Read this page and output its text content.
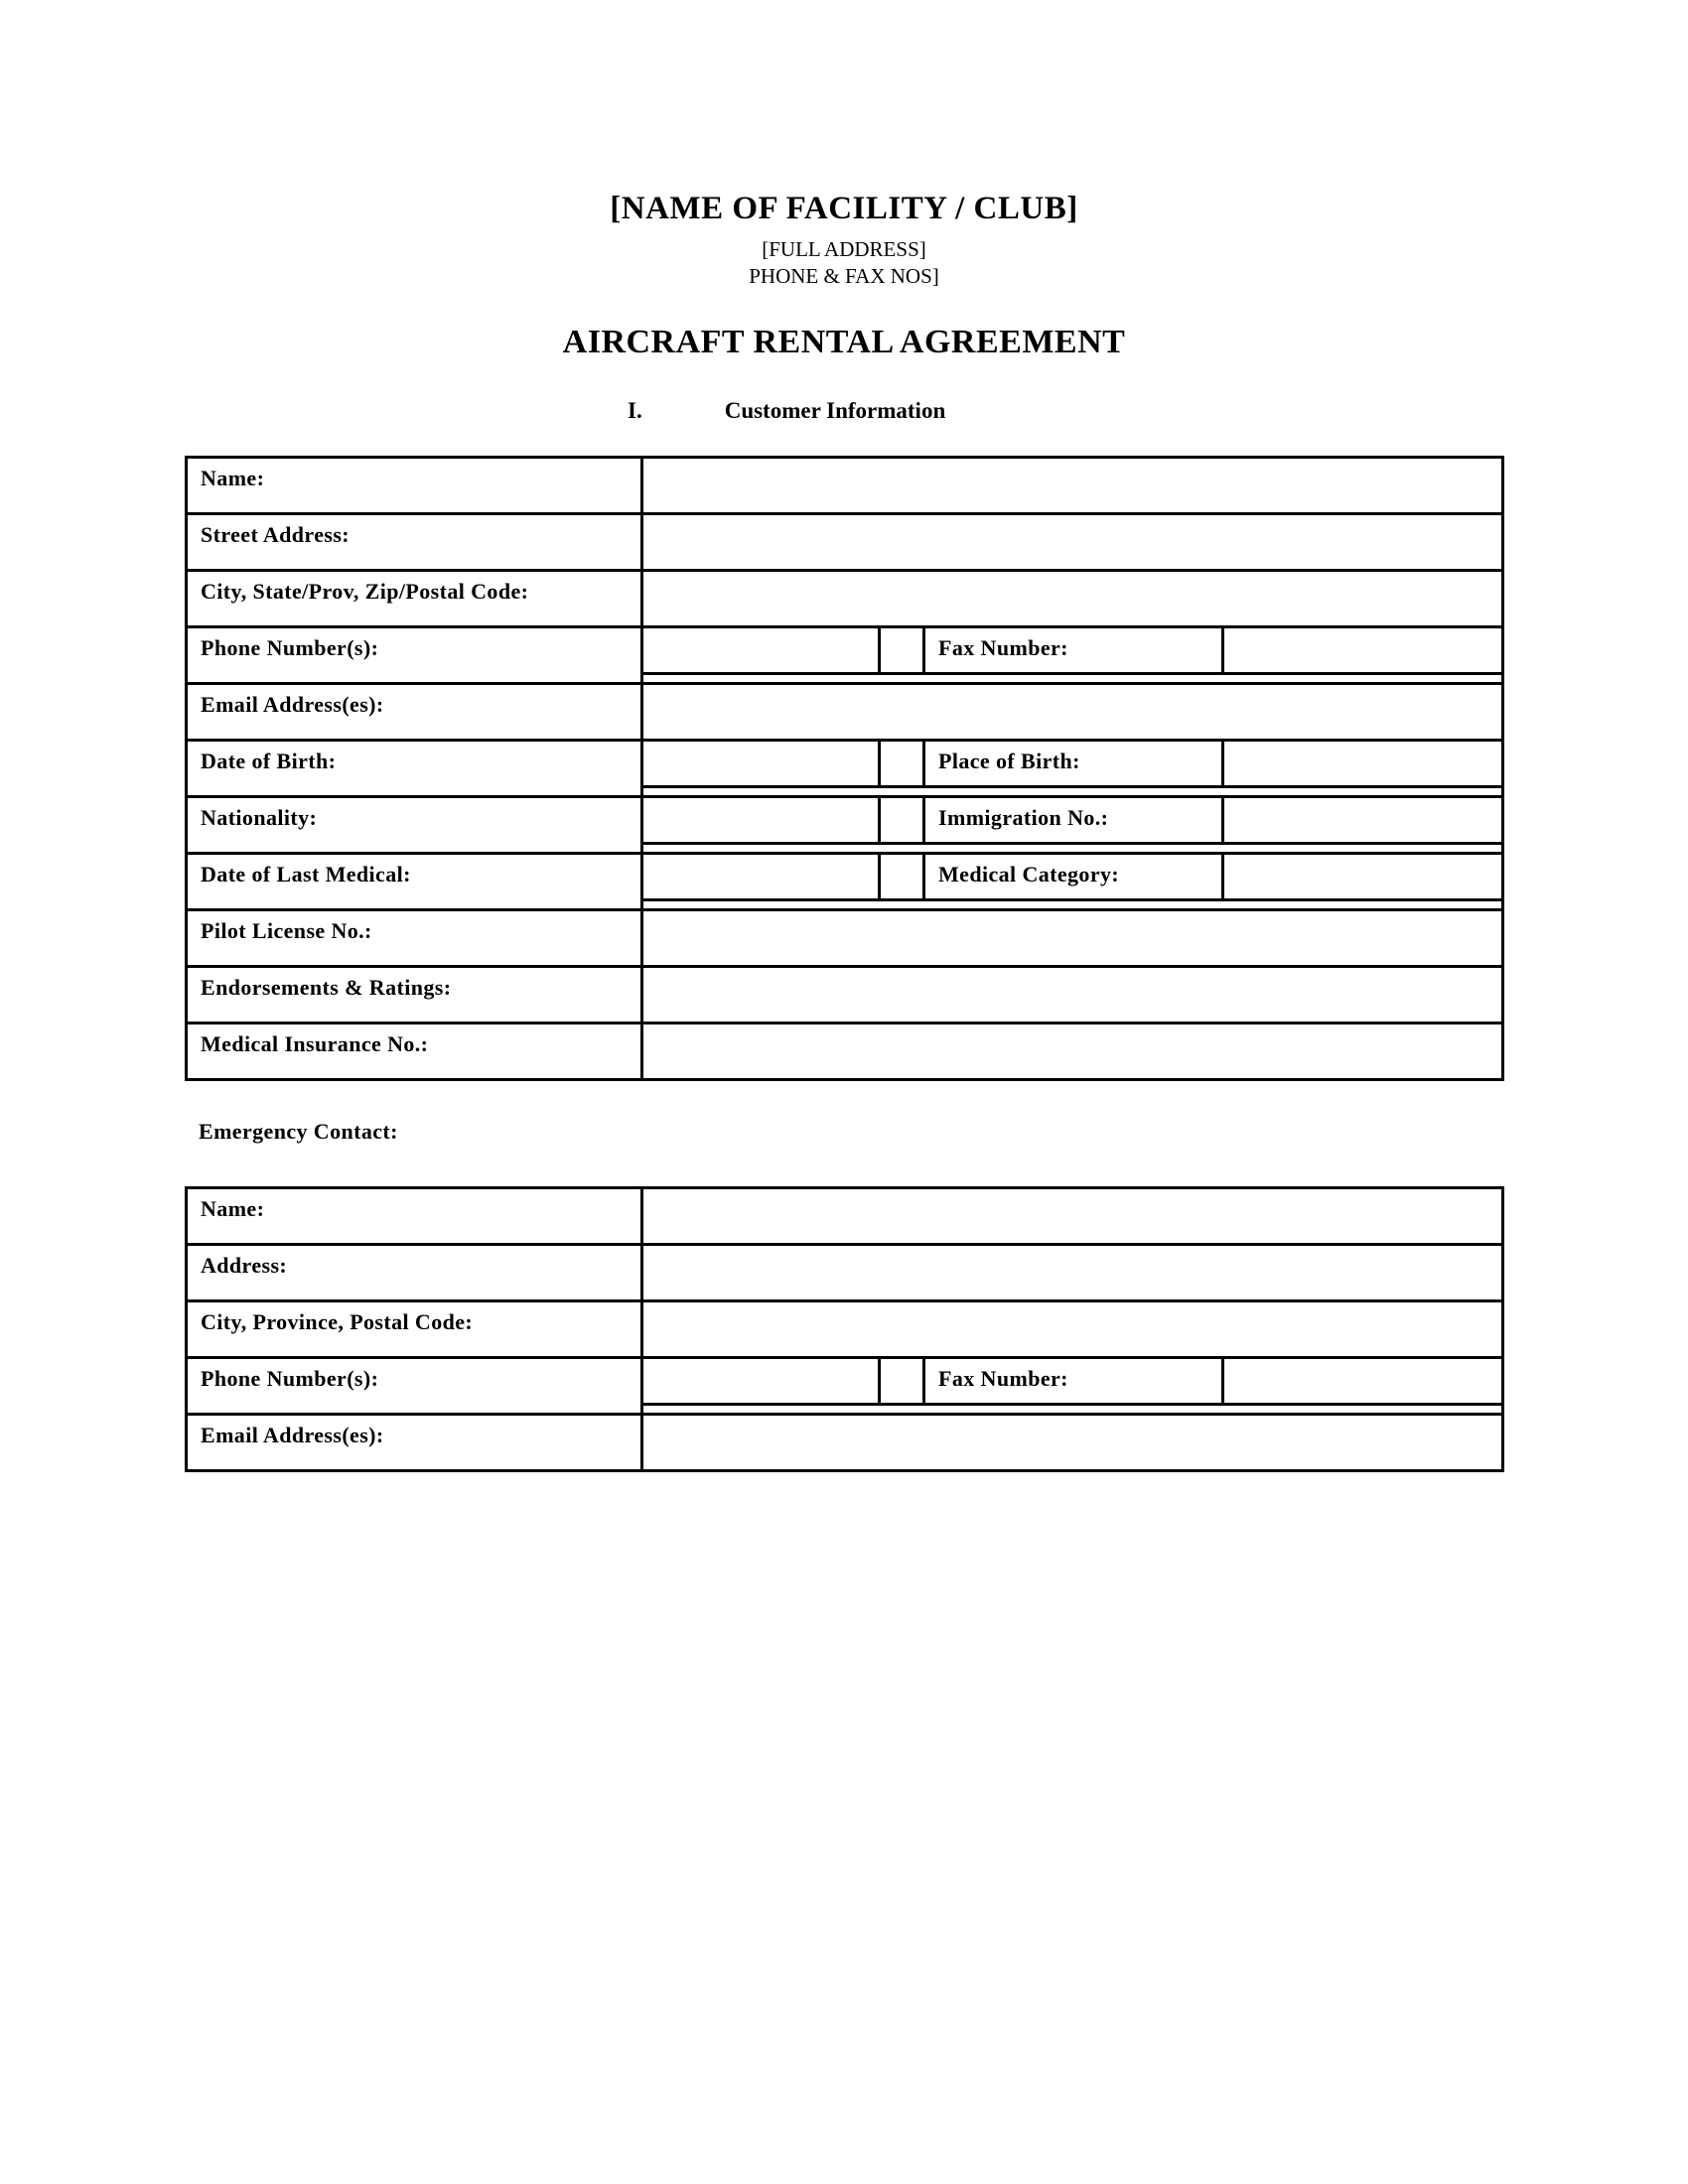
[NAME OF FACILITY / CLUB]
[FULL ADDRESS]
PHONE & FAX NOS]
AIRCRAFT RENTAL AGREEMENT
I.	Customer Information
Name:
Street Address:
City, State/Prov, Zip/Postal Code:
Phone Number(s):	Fax Number:
Email Address(es):
Date of Birth:	Place of Birth:
Nationality:	Immigration No.:
Date of Last Medical:	Medical Category:
Pilot License No.:
Endorsements & Ratings:
Medical Insurance No.:
Emergency Contact:
Name:
Address:
City, Province, Postal Code:
Phone Number(s):	Fax Number:
Email Address(es):
